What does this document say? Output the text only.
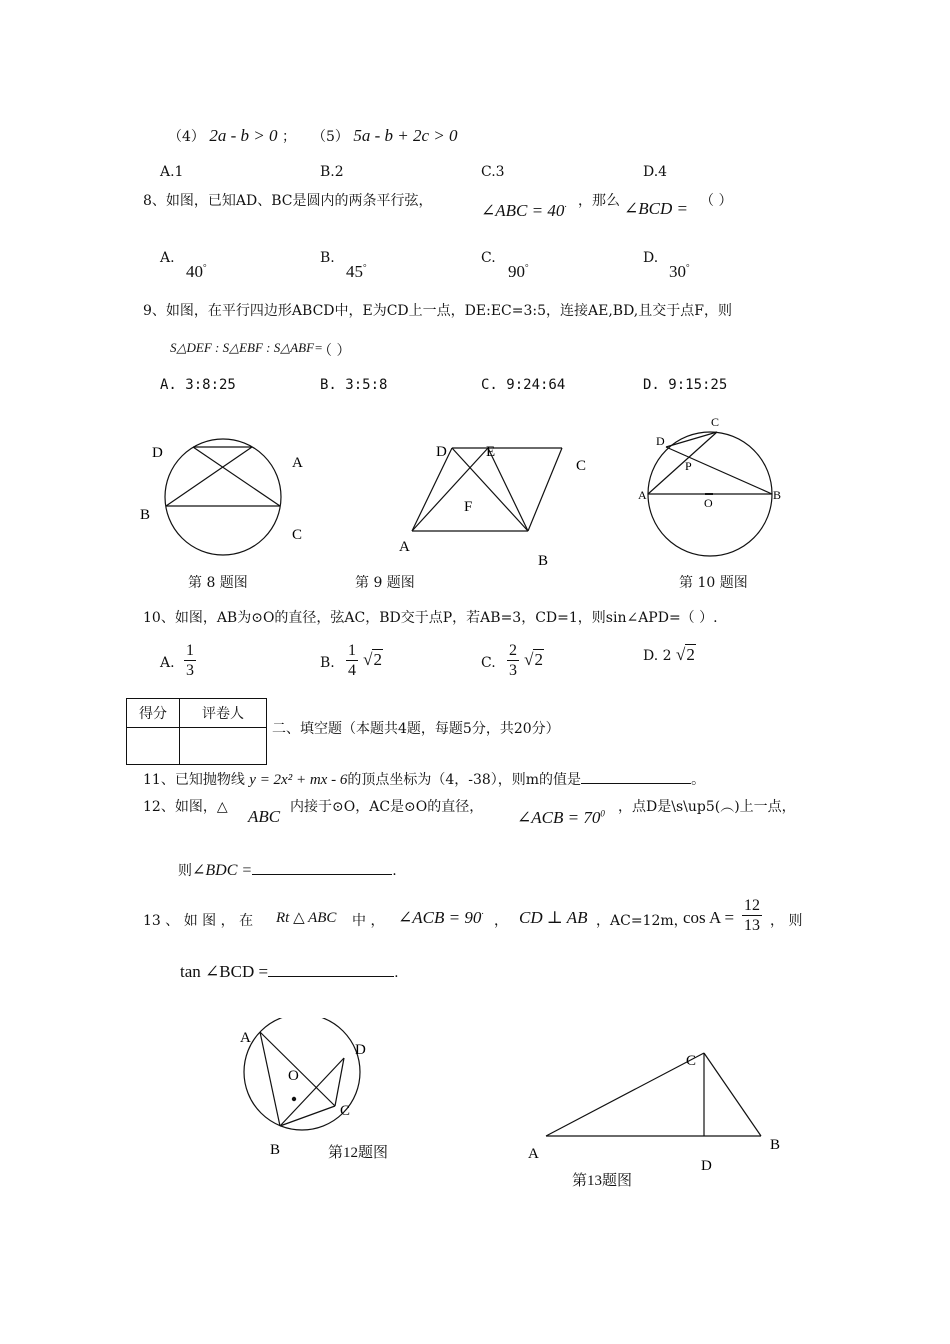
（4） 2a - b > 0 ； （5） 5a - b + 2c > 0
A.1	B.2	C.3	D.4
8、如图，已知AD、BC是圆内的两条平行弦，	∠ABC = 40· ，那么 ∠BCD = （ ）
A.
40°
B.
45°
C.
90°
D.
30°
9、如图，在平行四边形ABCD中，E为CD上一点，DE:EC=3:5，连接AE,BD,且交于点F，则
S△DEF : S△EBF : S△ABF=
（ ）
A. 3:8:25	B. 3:5:8	C. 9:24:64	D. 9:15:25
D
A
B
C
第 8 题图
D	E
C
F
A
B
第 9 题图
D
C
P
A
O
B
第 10 题图
10、如图，AB为⊙O的直径，弦AC，BD交于点P，若AB=3，CD=1，则sin∠APD=（ ）.
A. $\frac{1}{3}$	B. $\frac{1}{4} √2$	C. $\frac{2}{3} √2$	D. 2 √2
得分	评卷人

二、填空题（本题共4题，每题5分，共20分）
11、已知抛物线 y = 2x² + mx - 6的顶点坐标为（4，-38），则m的值是	。
12、如图，△ ABC 内接于⊙O，AC是⊙O的直径，
∠ACB = $70^0$ ，点D是\s\up5(︵)上一点，
则∠BDC =	.
13 、 如 图 ， 在 Rt △ ABC 中 ， ∠ACB = 90· ， CD ⊥ AB ，AC=12m，
$\cos A = \frac{12}{13}$ ， 则
tan ∠BCD =	.
A
O
D
C
B	第12题图
C
A
D
B
第13题图
